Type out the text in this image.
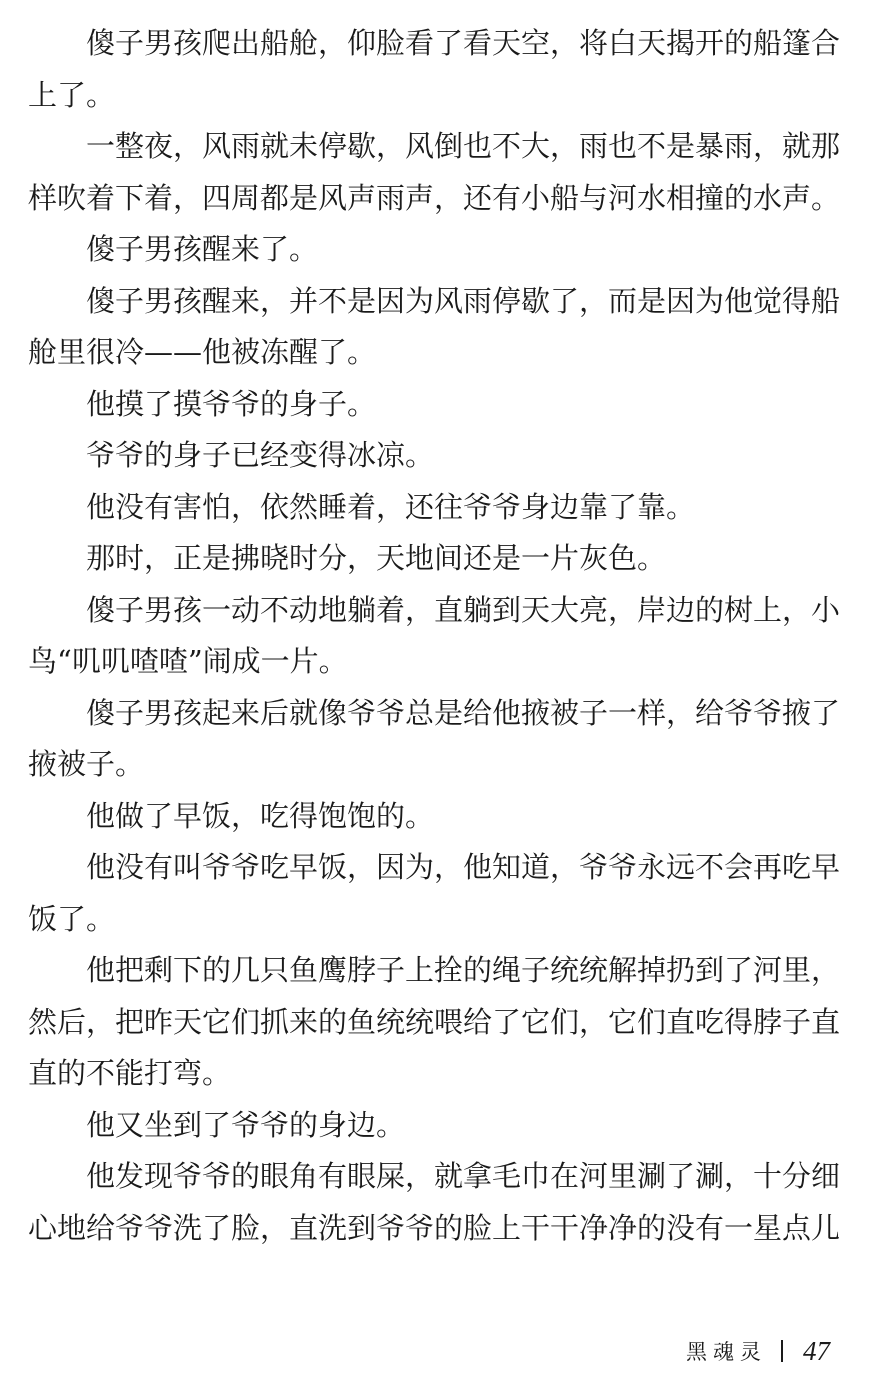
傻子男孩爬出船舱，仰脸看了看天空，将白天揭开的船篷合上了。

一整夜，风雨就未停歇，风倒也不大，雨也不是暴雨，就那样吹着下着，四周都是风声雨声，还有小船与河水相撞的水声。

傻子男孩醒来了。

傻子男孩醒来，并不是因为风雨停歇了，而是因为他觉得船舱里很冷——他被冻醒了。

他摸了摸爷爷的身子。

爷爷的身子已经变得冰凉。

他没有害怕，依然睡着，还往爷爷身边靠了靠。

那时，正是拂晓时分，天地间还是一片灰色。

傻子男孩一动不动地躺着，直躺到天大亮，岸边的树上，小鸟“叽叽喳喳”闹成一片。

傻子男孩起来后就像爷爷总是给他掖被子一样，给爷爷掖了掖被子。

他做了早饭，吃得饱饱的。

他没有叫爷爷吃早饭，因为，他知道，爷爷永远不会再吃早饭了。

他把剩下的几只鱼鹰脖子上拴的绳子统统解掉扔到了河里，然后，把昨天它们抓来的鱼统统喂给了它们，它们直吃得脖子直直的不能打弯。

他又坐到了爷爷的身边。

他发现爷爷的眼角有眼屎，就拿毛巾在河里涮了涮，十分细心地给爷爷洗了脸，直洗到爷爷的脸上干干净净的没有一星点儿

黑魂灵 47
